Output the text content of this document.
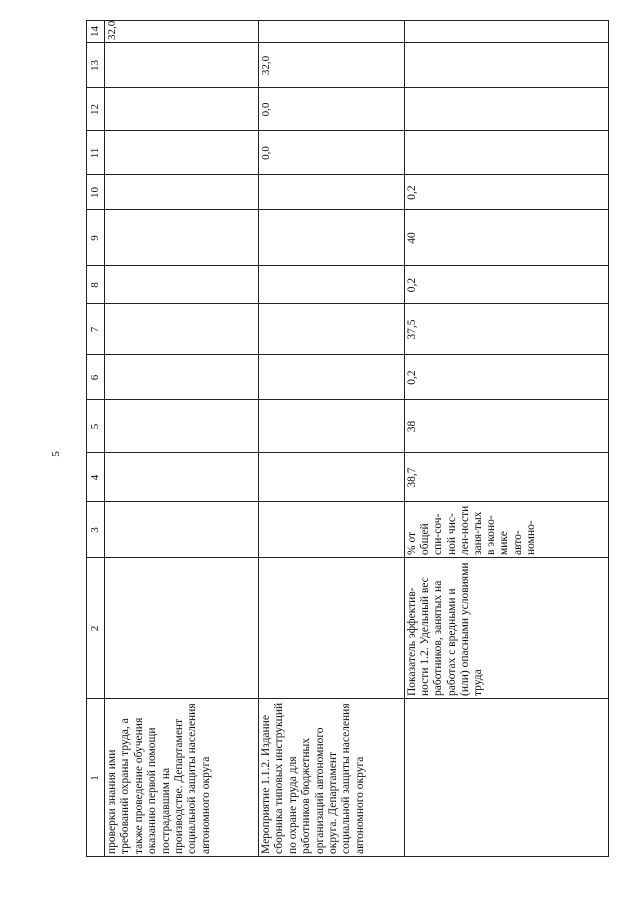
5
1
2
3
4
5
6
7
8
9
10
11
12
13
14
проверки знания ими требований охраны труда, а также проведение обучения оказанию первой помощи пострадавшим на производстве. Департамент социальной защиты населения автономного округа
32,0
Мероприятие 1.1.2. Издание сборника типовых инструкций по охране труда для работников бюджетных организаций автономного округа. Департамент социальной защиты населения автономного округа
0,0
0,0
32,0
Показатель эффектив-ности 1.2. Удельный вес работников, занятых на работах с вредными и (или) опасными условиями труда
% от общей спи-соч-ной чис-лен-ности заня-тых в эконо-мике авто-номно-
38,7
38
0,2
37,5
0,2
40
0,2
